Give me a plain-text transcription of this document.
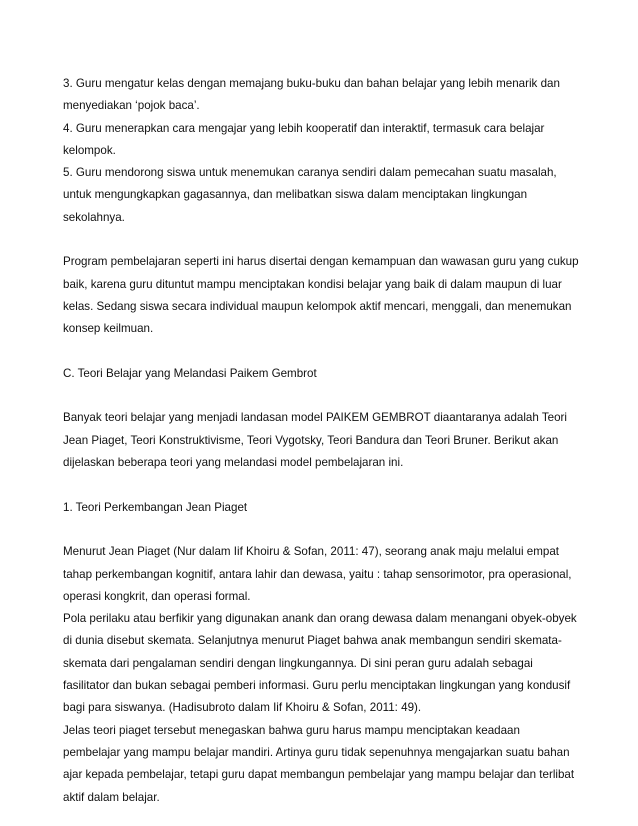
3. Guru mengatur kelas dengan memajang buku-buku dan bahan belajar yang lebih menarik dan

menyediakan ‘pojok baca’.

4. Guru menerapkan cara mengajar yang lebih kooperatif dan interaktif, termasuk cara belajar

kelompok.

5. Guru mendorong siswa untuk menemukan caranya sendiri dalam pemecahan suatu masalah,

untuk mengungkapkan gagasannya, dan melibatkan siswa dalam menciptakan lingkungan

sekolahnya.

Program pembelajaran seperti ini harus disertai dengan kemampuan dan wawasan guru yang cukup

baik, karena guru dituntut mampu menciptakan kondisi belajar yang baik di dalam maupun di luar

kelas. Sedang siswa secara individual maupun kelompok aktif mencari, menggali, dan menemukan

konsep keilmuan.

C. Teori Belajar yang Melandasi Paikem Gembrot

Banyak teori belajar yang menjadi landasan model PAIKEM GEMBROT diaantaranya adalah Teori

Jean Piaget, Teori Konstruktivisme, Teori Vygotsky, Teori Bandura dan Teori Bruner. Berikut akan

dijelaskan beberapa teori yang melandasi model pembelajaran ini.

1. Teori Perkembangan Jean Piaget

Menurut Jean Piaget (Nur dalam Iif Khoiru & Sofan, 2011: 47), seorang anak maju melalui empat

tahap perkembangan kognitif, antara lahir dan dewasa, yaitu : tahap sensorimotor, pra operasional,

operasi kongkrit, dan operasi formal.

Pola perilaku atau berfikir yang digunakan anank dan orang dewasa dalam menangani obyek-obyek

di dunia disebut skemata. Selanjutnya menurut Piaget bahwa anak membangun sendiri skemata-

skemata dari pengalaman sendiri dengan lingkungannya. Di sini peran guru adalah sebagai

fasilitator dan bukan sebagai pemberi informasi. Guru perlu menciptakan lingkungan yang kondusif

bagi para siswanya. (Hadisubroto dalam Iif Khoiru & Sofan, 2011: 49).

Jelas teori piaget tersebut menegaskan bahwa guru harus mampu menciptakan keadaan

pembelajar yang mampu belajar mandiri. Artinya guru tidak sepenuhnya mengajarkan suatu bahan

ajar kepada pembelajar, tetapi guru dapat membangun pembelajar yang mampu belajar dan terlibat

aktif dalam belajar.
